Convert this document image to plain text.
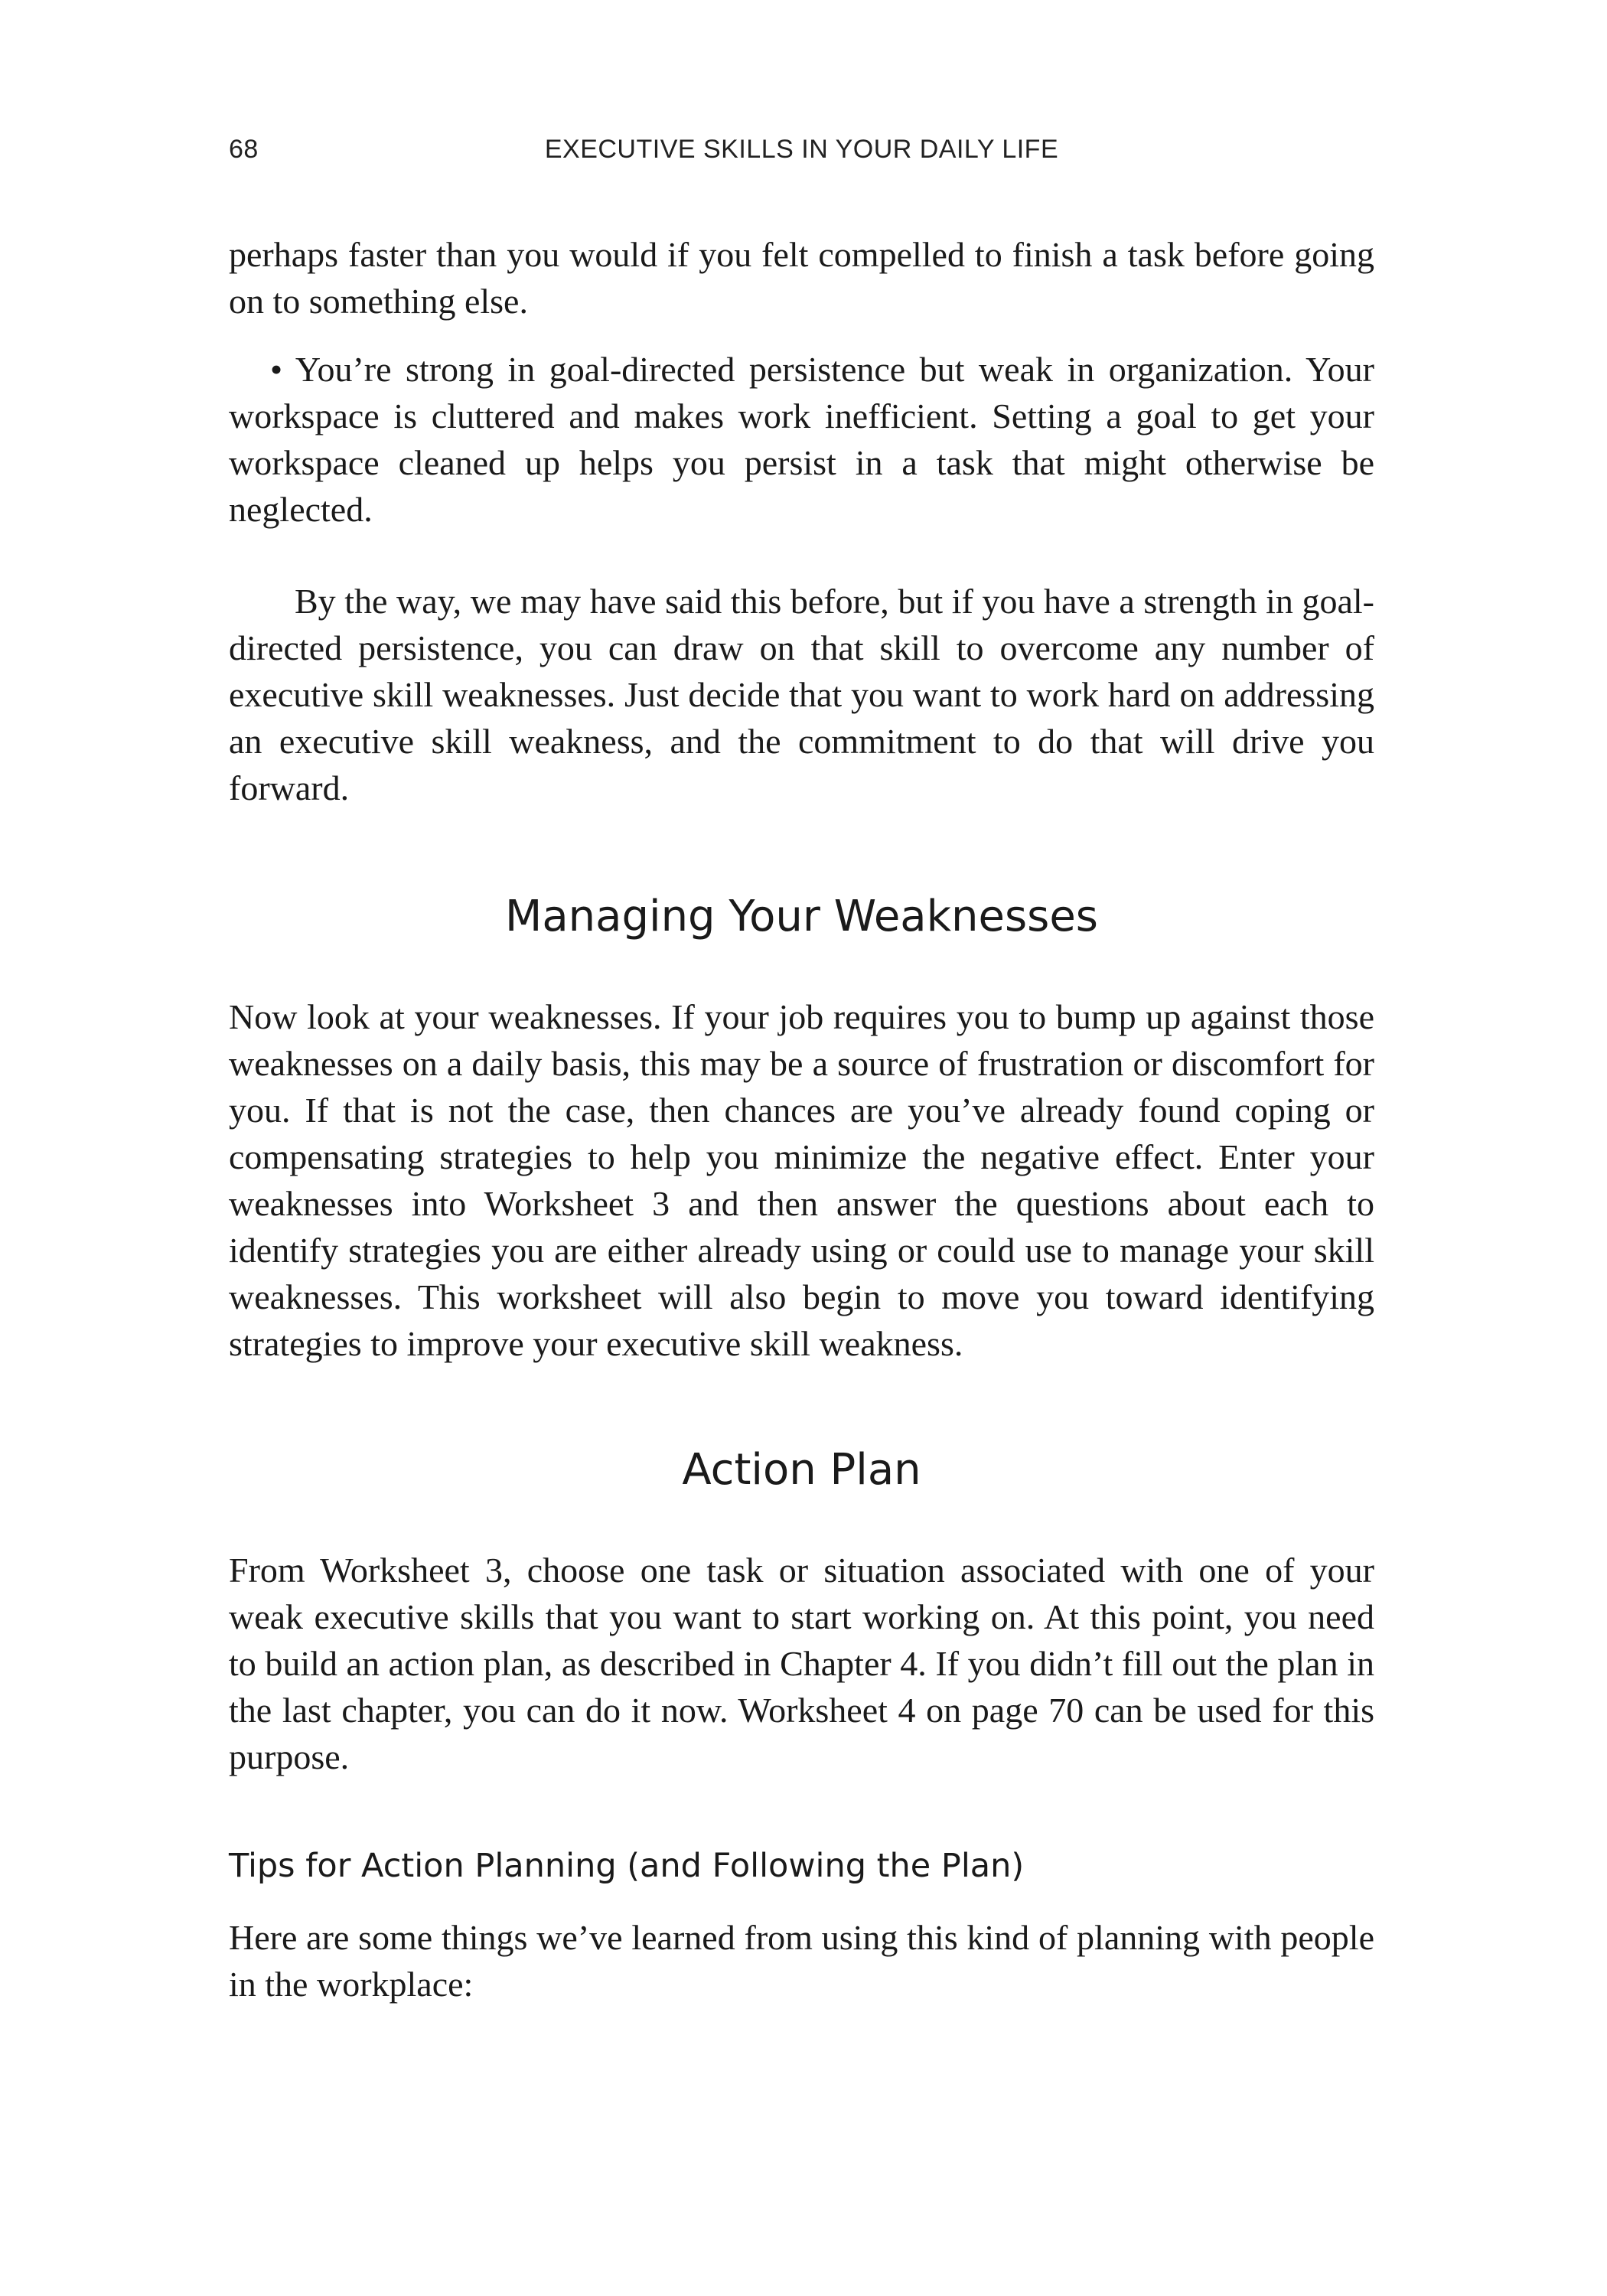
68	EXECUTIVE SKILLS IN YOUR DAILY LIFE

perhaps faster than you would if you felt compelled to finish a task before going on to something else.

• You’re strong in goal-directed persistence but weak in organization. Your workspace is cluttered and makes work inefficient. Setting a goal to get your workspace cleaned up helps you persist in a task that might otherwise be neglected.

By the way, we may have said this before, but if you have a strength in goal-directed persistence, you can draw on that skill to overcome any number of executive skill weaknesses. Just decide that you want to work hard on addressing an executive skill weakness, and the commitment to do that will drive you forward.

Managing Your Weaknesses

Now look at your weaknesses. If your job requires you to bump up against those weaknesses on a daily basis, this may be a source of frustration or discomfort for you. If that is not the case, then chances are you’ve already found coping or compensating strategies to help you minimize the negative effect. Enter your weaknesses into Worksheet 3 and then answer the questions about each to identify strategies you are either already using or could use to manage your skill weaknesses. This worksheet will also begin to move you toward identifying strategies to improve your executive skill weakness.

Action Plan

From Worksheet 3, choose one task or situation associated with one of your weak executive skills that you want to start working on. At this point, you need to build an action plan, as described in Chapter 4. If you didn’t fill out the plan in the last chapter, you can do it now. Worksheet 4 on page 70 can be used for this purpose.

Tips for Action Planning (and Following the Plan)

Here are some things we’ve learned from using this kind of planning with people in the workplace:
